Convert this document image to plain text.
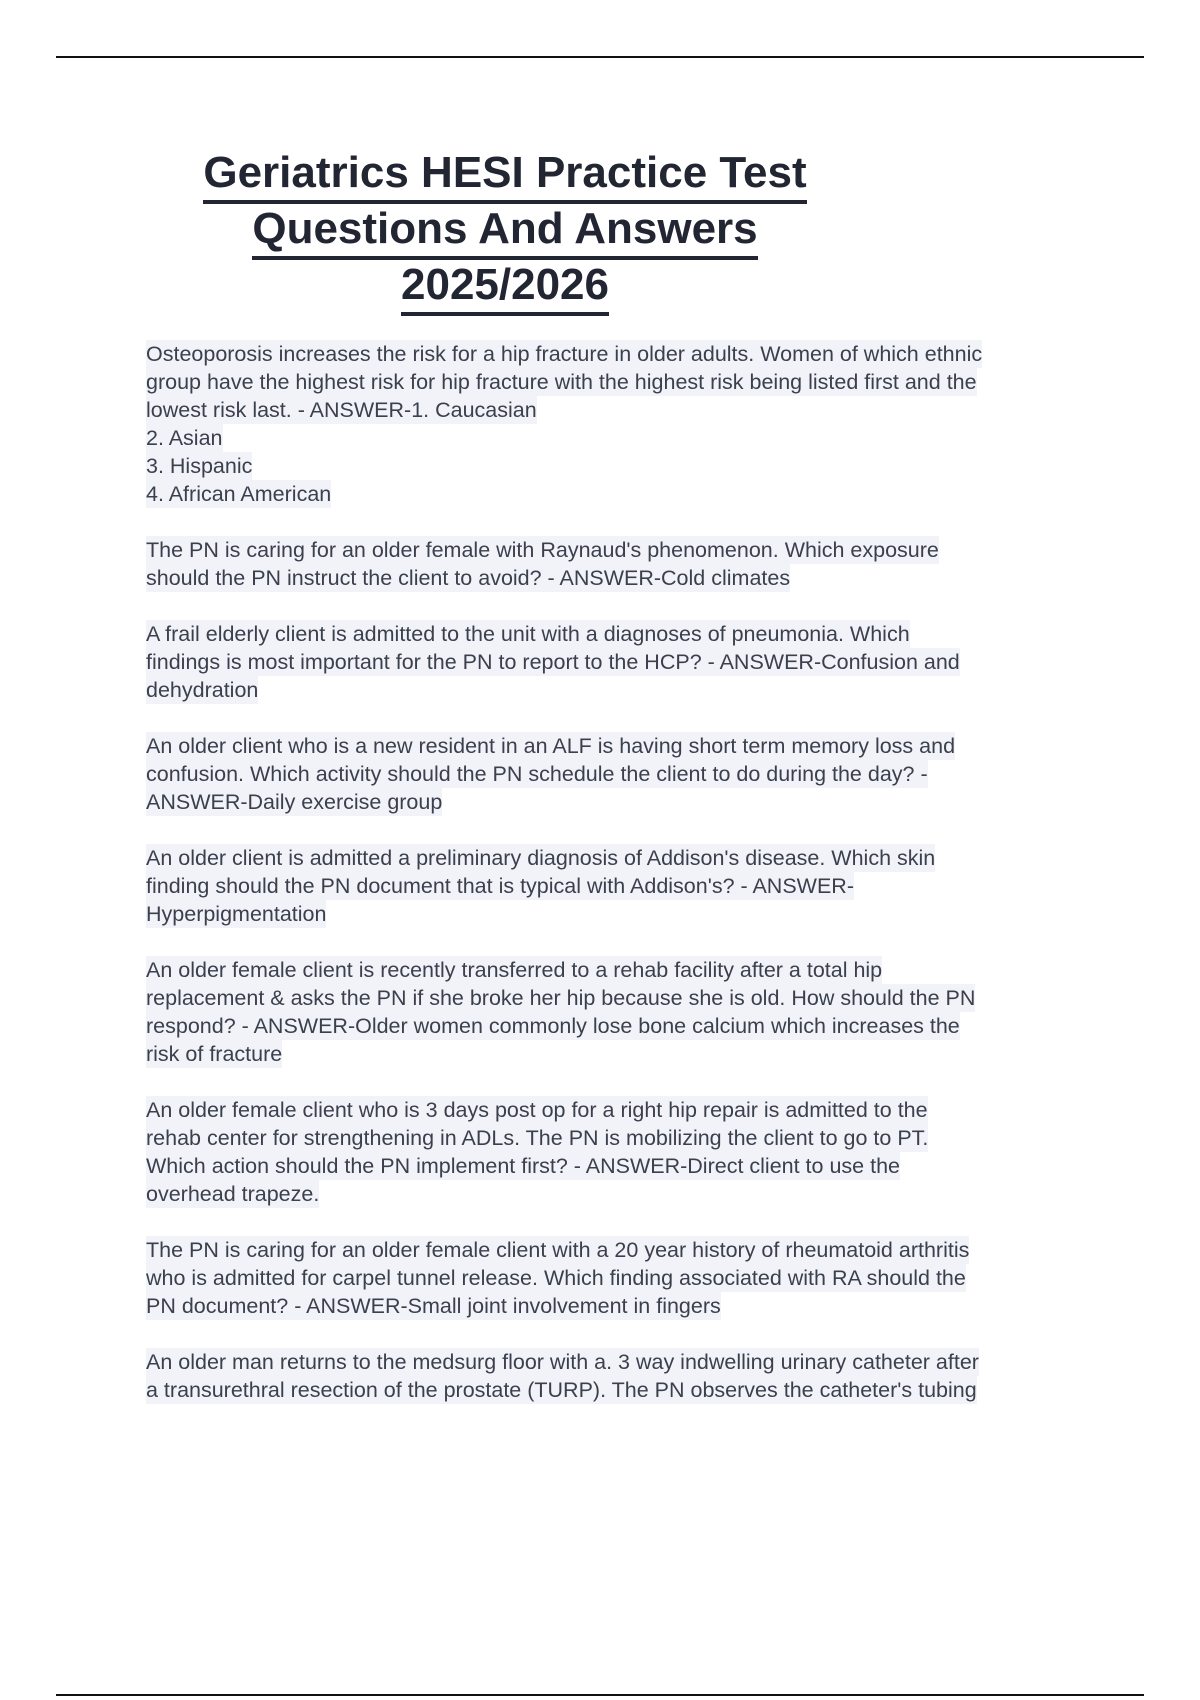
Geriatrics HESI Practice Test
Questions And Answers
2025/2026
Osteoporosis increases the risk for a hip fracture in older adults. Women of which ethnic
group have the highest risk for hip fracture with the highest risk being listed first and the
lowest risk last. - ANSWER-1. Caucasian
2. Asian
3. Hispanic
4. African American
The PN is caring for an older female with Raynaud's phenomenon. Which exposure
should the PN instruct the client to avoid? - ANSWER-Cold climates
A frail elderly client is admitted to the unit with a diagnoses of pneumonia. Which
findings is most important for the PN to report to the HCP? - ANSWER-Confusion and
dehydration
An older client who is a new resident in an ALF is having short term memory loss and
confusion. Which activity should the PN schedule the client to do during the day? -
ANSWER-Daily exercise group
An older client is admitted a preliminary diagnosis of Addison's disease. Which skin
finding should the PN document that is typical with Addison's? - ANSWER-
Hyperpigmentation
An older female client is recently transferred to a rehab facility after a total hip
replacement & asks the PN if she broke her hip because she is old. How should the PN
respond? - ANSWER-Older women commonly lose bone calcium which increases the
risk of fracture
An older female client who is 3 days post op for a right hip repair is admitted to the
rehab center for strengthening in ADLs. The PN is mobilizing the client to go to PT.
Which action should the PN implement first? - ANSWER-Direct client to use the
overhead trapeze.
The PN is caring for an older female client with a 20 year history of rheumatoid arthritis
who is admitted for carpel tunnel release. Which finding associated with RA should the
PN document? - ANSWER-Small joint involvement in fingers
An older man returns to the medsurg floor with a. 3 way indwelling urinary catheter after
a transurethral resection of the prostate (TURP). The PN observes the catheter's tubing
